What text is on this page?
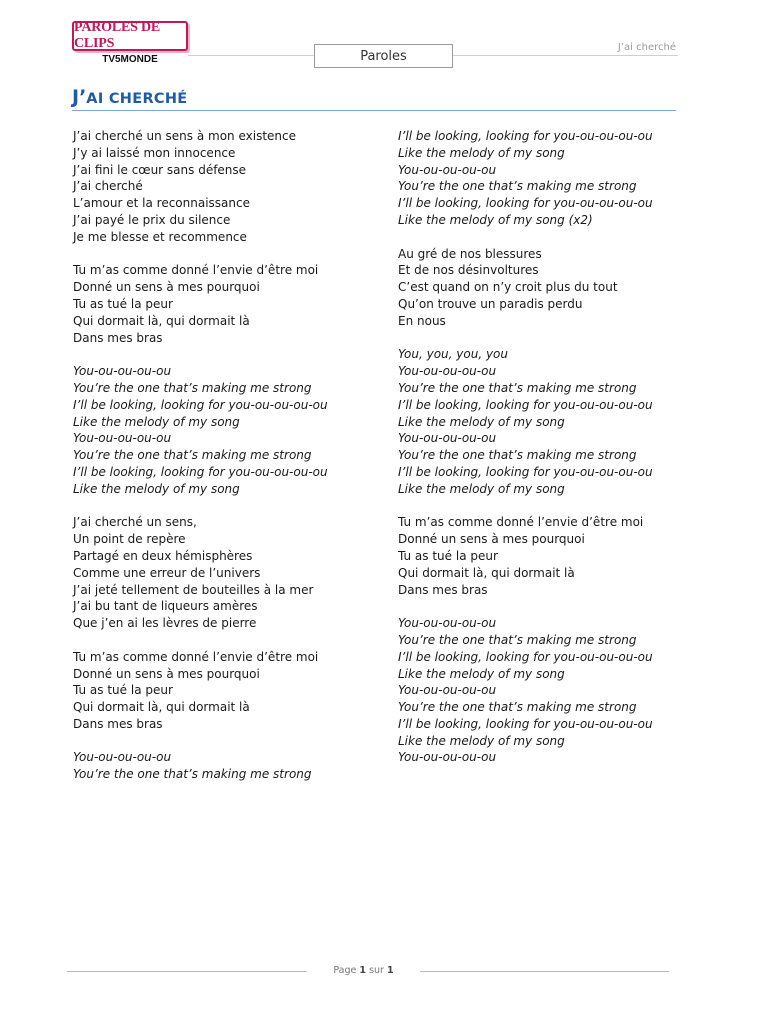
PAROLES DE CLIPS
TV5MONDE	Paroles
J’ai cherché
J’AI CHERCHÉ

J’ai cherché un sens à mon existence

J’y ai laissé mon innocence

J’ai fini le cœur sans défense

J’ai cherché

L’amour et la reconnaissance

J’ai payé le prix du silence

Je me blesse et recommence

Tu m’as comme donné l’envie d’être moi

Donné un sens à mes pourquoi

Tu as tué la peur

Qui dormait là, qui dormait là

Dans mes bras

You-ou-ou-ou-ou

You’re the one that’s making me strong

I’ll be looking, looking for you-ou-ou-ou-ou

Like the melody of my song

You-ou-ou-ou-ou

You’re the one that’s making me strong

I’ll be looking, looking for you-ou-ou-ou-ou

Like the melody of my song

J’ai cherché un sens,

Un point de repère

Partagé en deux hémisphères

Comme une erreur de l’univers

J’ai jeté tellement de bouteilles à la mer

J’ai bu tant de liqueurs amères

Que j’en ai les lèvres de pierre

Tu m’as comme donné l’envie d’être moi

Donné un sens à mes pourquoi

Tu as tué la peur

Qui dormait là, qui dormait là

Dans mes bras

You-ou-ou-ou-ou

You’re the one that’s making me strong

I’ll be looking, looking for you-ou-ou-ou-ou

Like the melody of my song

You-ou-ou-ou-ou

You’re the one that’s making me strong

I’ll be looking, looking for you-ou-ou-ou-ou

Like the melody of my song (x2)

Au gré de nos blessures

Et de nos désinvoltures

C’est quand on n’y croit plus du tout

Qu’on trouve un paradis perdu

En nous

You, you, you, you

You-ou-ou-ou-ou

You’re the one that’s making me strong

I’ll be looking, looking for you-ou-ou-ou-ou

Like the melody of my song

You-ou-ou-ou-ou

You’re the one that’s making me strong

I’ll be looking, looking for you-ou-ou-ou-ou

Like the melody of my song

Tu m’as comme donné l’envie d’être moi

Donné un sens à mes pourquoi

Tu as tué la peur

Qui dormait là, qui dormait là

Dans mes bras

You-ou-ou-ou-ou

You’re the one that’s making me strong

I’ll be looking, looking for you-ou-ou-ou-ou

Like the melody of my song

You-ou-ou-ou-ou

You’re the one that’s making me strong

I’ll be looking, looking for you-ou-ou-ou-ou

Like the melody of my song

You-ou-ou-ou-ou

Page 1 sur 1
